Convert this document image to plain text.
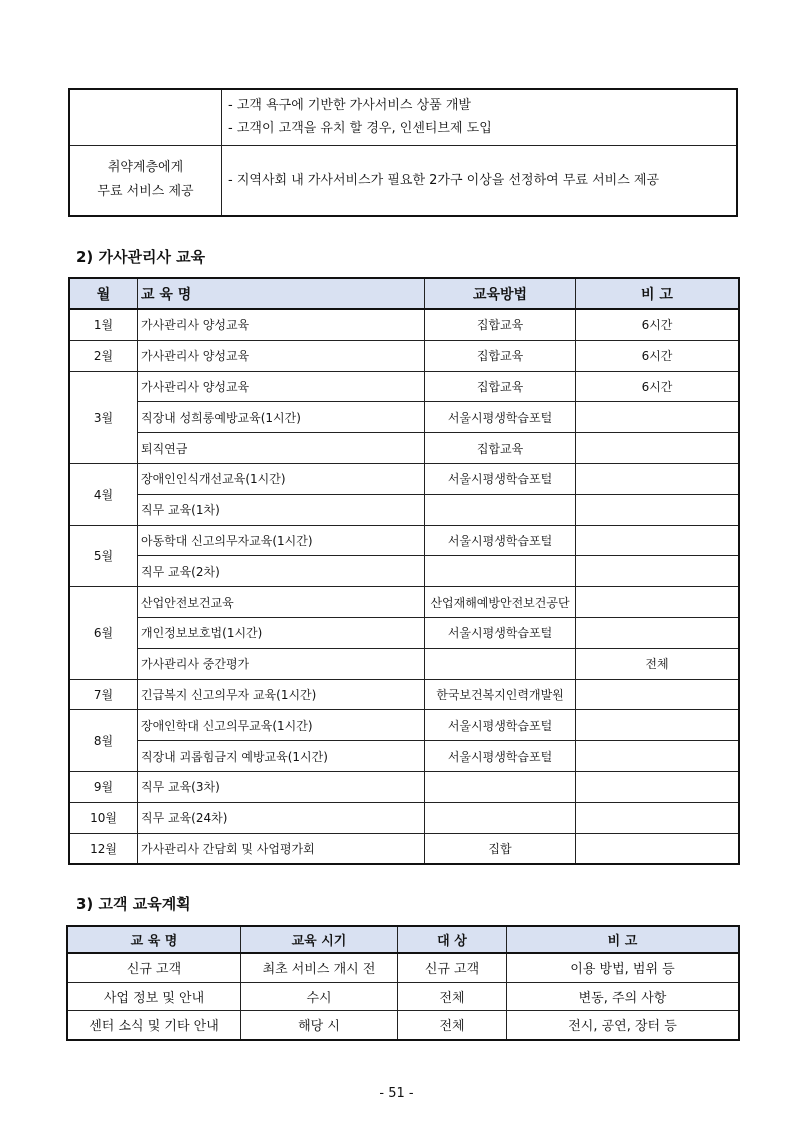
	- 고객 욕구에 기반한 가사서비스 상품 개발
- 고객이 고객을 유치 할 경우, 인센티브제 도입

취약계층에게
무료 서비스 제공	- 지역사회 내 가사서비스가 필요한 2가구 이상을 선정하여 무료 서비스 제공
2) 가사관리사 교육
월	교 육 명	교육방법	비 고
1월	가사관리사 양성교육	집합교육	6시간
2월	가사관리사 양성교육	집합교육	6시간
3월	가사관리사 양성교육	집합교육	6시간
	직장내 성희롱예방교육(1시간)	서울시평생학습포털	
	퇴직연금	집합교육	
4월	장애인인식개선교육(1시간)	서울시평생학습포털	
	직무 교육(1차)		
5월	아동학대 신고의무자교육(1시간)	서울시평생학습포털	
	직무 교육(2차)		
6월	산업안전보건교육	산업재해예방안전보건공단	
	개인정보보호법(1시간)	서울시평생학습포털	
	가사관리사 중간평가		전체
7월	긴급복지 신고의무자 교육(1시간)	한국보건복지인력개발원	
8월	장애인학대 신고의무교육(1시간)	서울시평생학습포털	
	직장내 괴롭힘금지 예방교육(1시간)	서울시평생학습포털	
9월	직무 교육(3차)		
10월	직무 교육(24차)		
12월	가사관리사 간담회 및 사업평가회	집합	
3) 고객 교육계획
교 육 명	교육 시기	대 상	비 고
신규 고객	최초 서비스 개시 전	신규 고객	이용 방법, 범위 등
사업 정보 및 안내	수시	전체	변동, 주의 사항
센터 소식 및 기타 안내	해당 시	전체	전시, 공연, 장터 등
- 51 -
